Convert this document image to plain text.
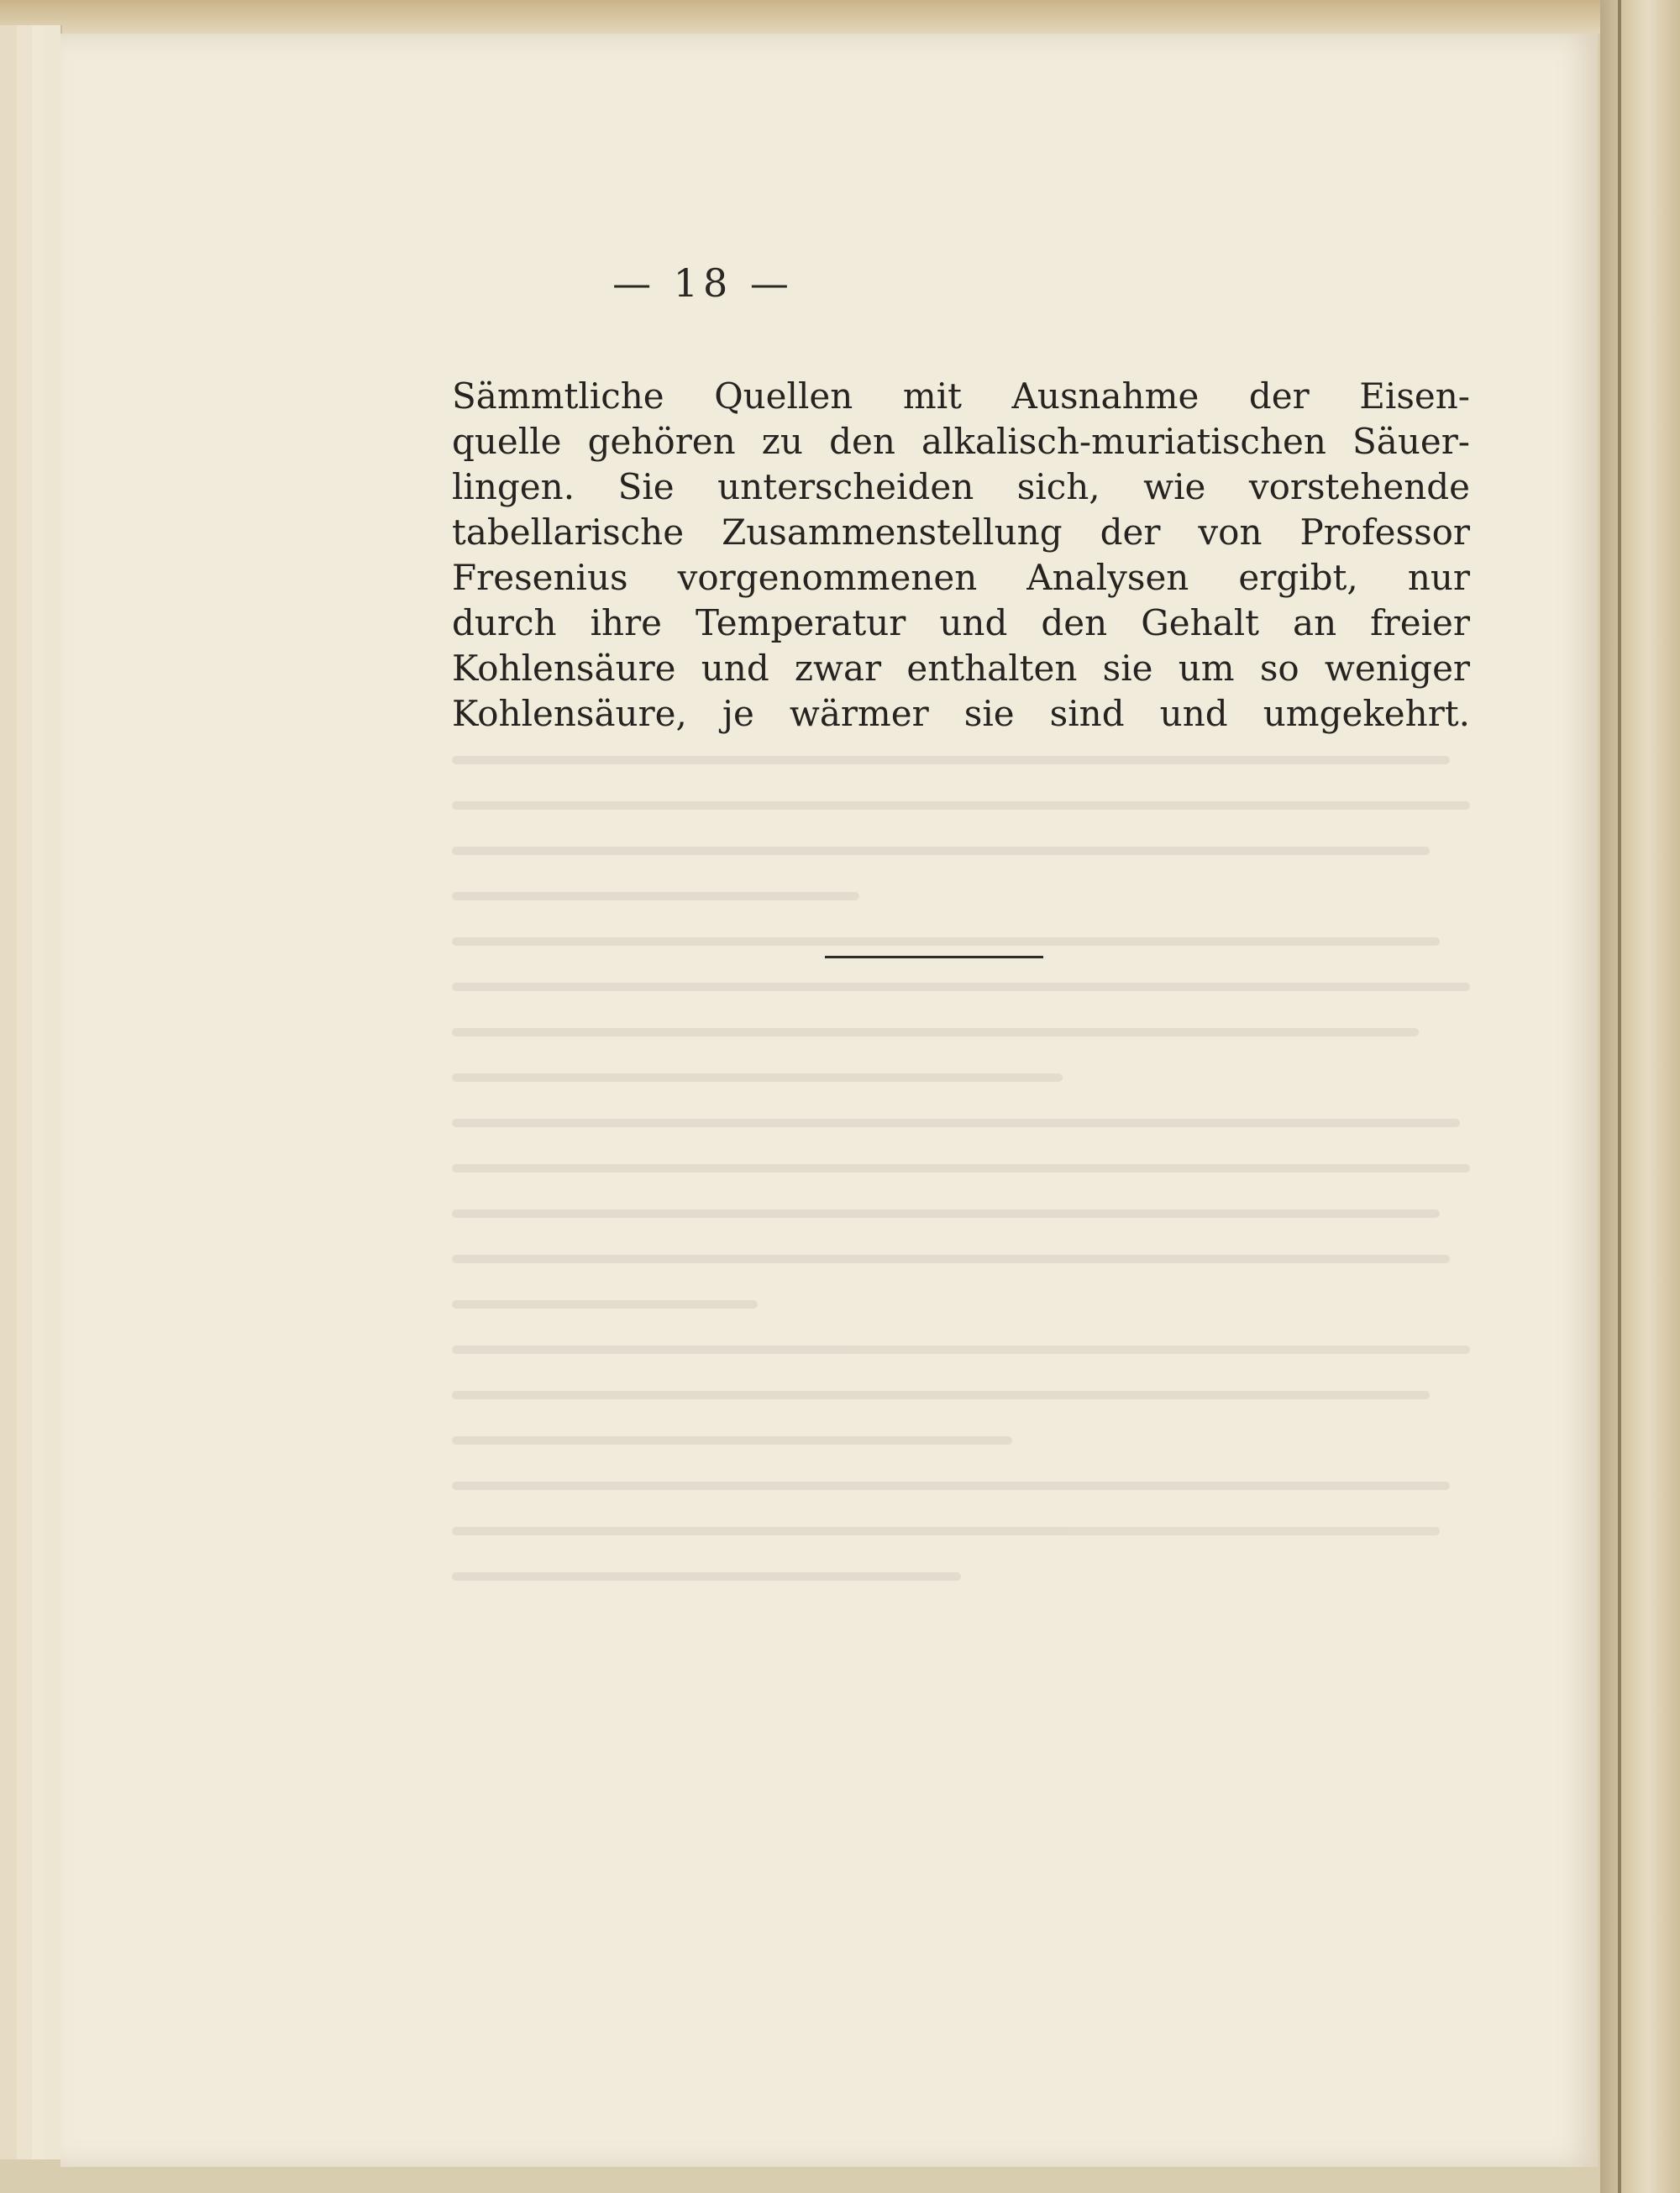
— 18 —
Sämmtliche Quellen mit Ausnahme der Eisen-
quelle gehören zu den alkalisch-muriatischen Säuer-
lingen. Sie unterscheiden sich, wie vorstehende
tabellarische Zusammenstellung der von Professor
Fresenius vorgenommenen Analysen ergibt, nur
durch ihre Temperatur und den Gehalt an freier
Kohlensäure und zwar enthalten sie um so weniger
Kohlensäure, je wärmer sie sind und umgekehrt.
